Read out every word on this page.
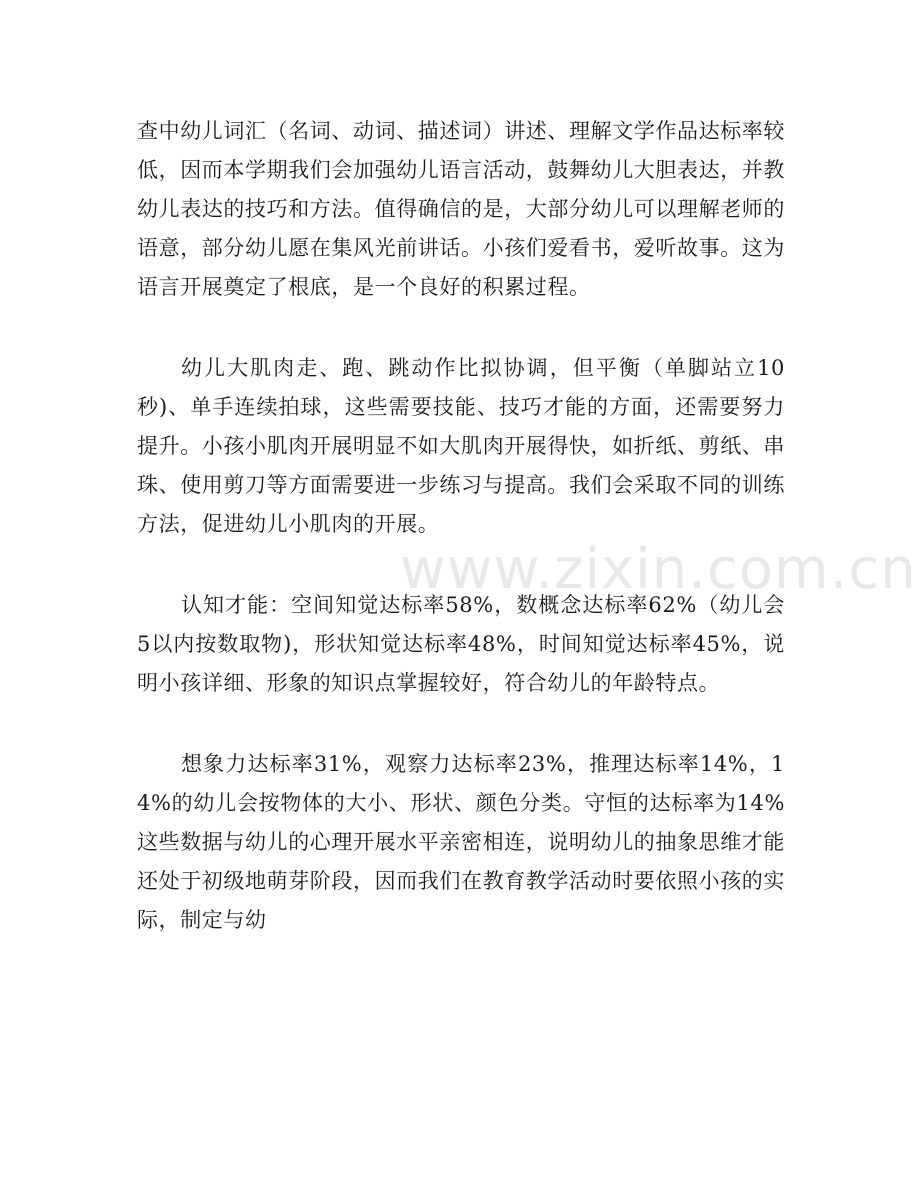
查中幼儿词汇（名词、动词、描述词）讲述、理解文学作品达标率较低，因而本学期我们会加强幼儿语言活动，鼓舞幼儿大胆表达，并教幼儿表达的技巧和方法。值得确信的是，大部分幼儿可以理解老师的语意，部分幼儿愿在集风光前讲话。小孩们爱看书，爱听故事。这为语言开展奠定了根底，是一个良好的积累过程。

幼儿大肌肉走、跑、跳动作比拟协调，但平衡（单脚站立10秒)、单手连续拍球，这些需要技能、技巧才能的方面，还需要努力提升。小孩小肌肉开展明显不如大肌肉开展得快，如折纸、剪纸、串珠、使用剪刀等方面需要进一步练习与提高。我们会采取不同的训练方法，促进幼儿小肌肉的开展。

认知才能：空间知觉达标率58%，数概念达标率62%（幼儿会5以内按数取物)，形状知觉达标率48%，时间知觉达标率45%，说明小孩详细、形象的知识点掌握较好，符合幼儿的年龄特点。

想象力达标率31%，观察力达标率23%，推理达标率14%，14%的幼儿会按物体的大小、形状、颜色分类。守恒的达标率为14%这些数据与幼儿的心理开展水平亲密相连，说明幼儿的抽象思维才能还处于初级地萌芽阶段，因而我们在教育教学活动时要依照小孩的实际，制定与幼

www.zixin.com.cn
